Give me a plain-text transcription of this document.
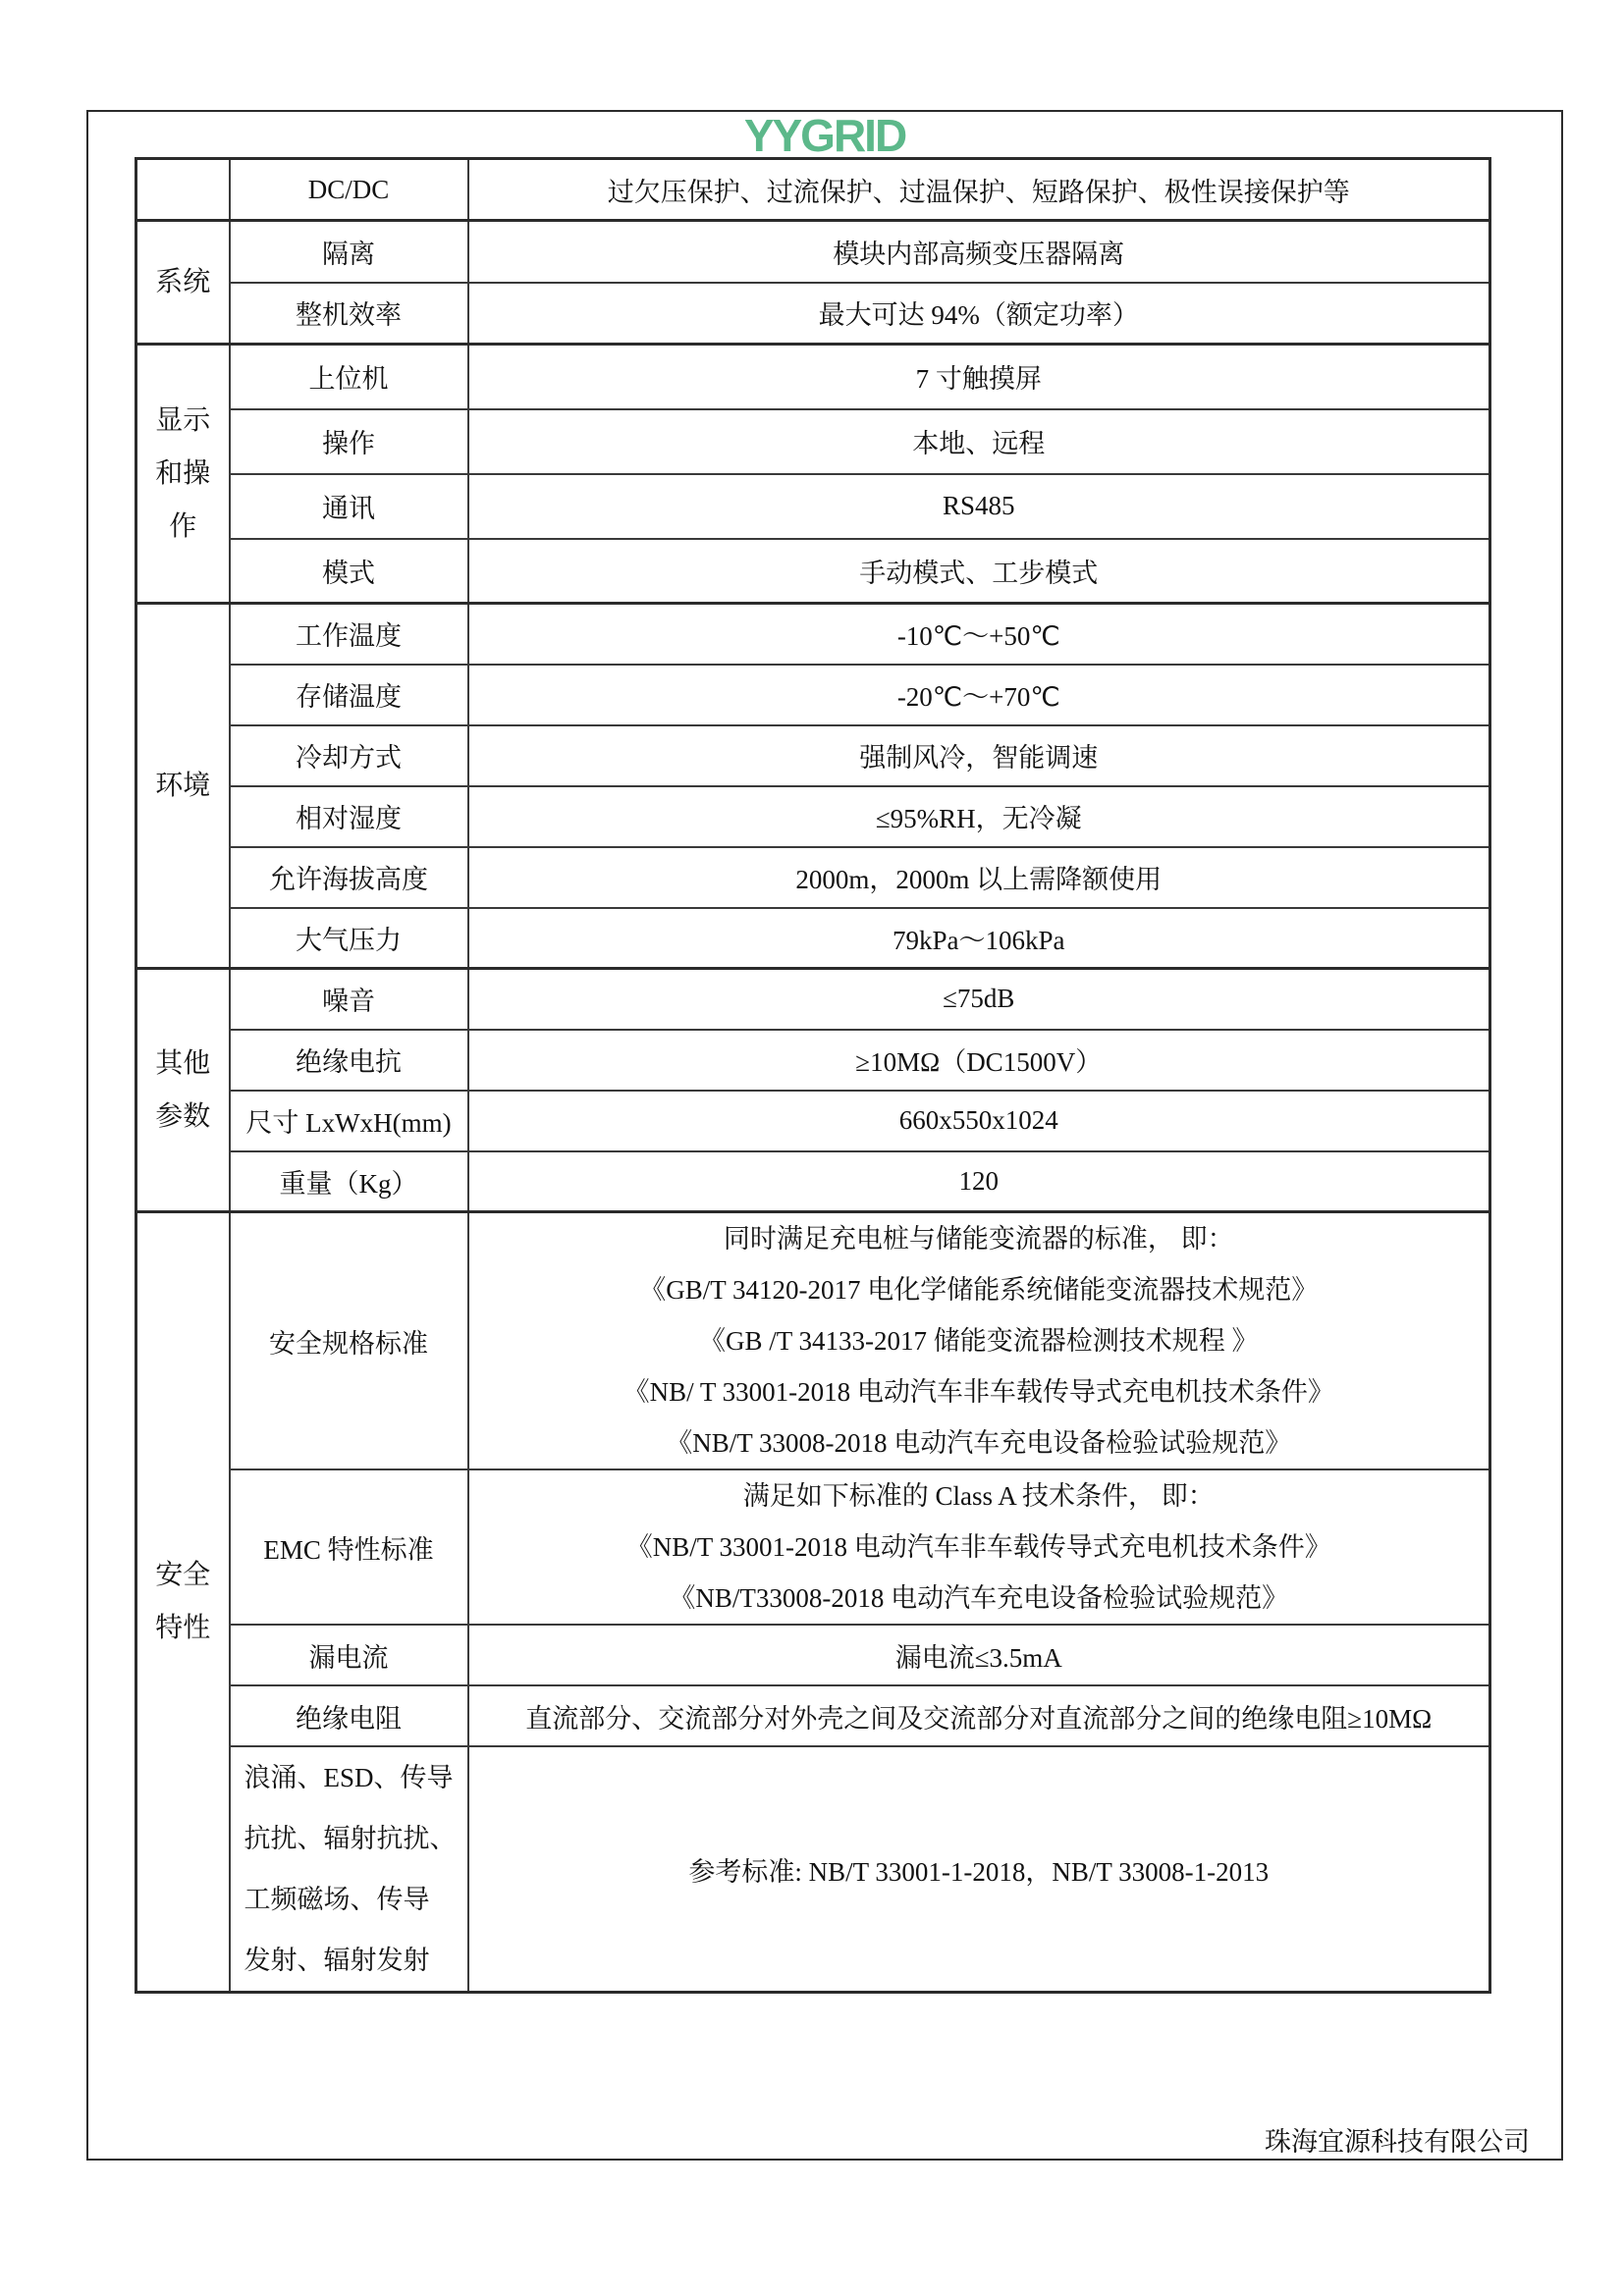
YYGRID
	DC/DC	过欠压保护、过流保护、过温保护、短路保护、极性误接保护等
系统	隔离	模块内部高频变压器隔离
	整机效率	最大可达 94%（额定功率）
显示和操作	上位机	7 寸触摸屏
	操作	本地、远程
	通讯	RS485
	模式	手动模式、工步模式
环境	工作温度	-10℃～+50℃
	存储温度	-20℃～+70℃
	冷却方式	强制风冷，智能调速
	相对湿度	≤95%RH，无冷凝
	允许海拔高度	2000m，2000m 以上需降额使用
	大气压力	79kPa～106kPa
其他参数	噪音	≤75dB
	绝缘电抗	≥10MΩ（DC1500V）
	尺寸 LxWxH(mm)	660x550x1024
	重量（Kg）	120
安全特性	安全规格标准	同时满足充电桩与储能变流器的标准， 即：
《GB/T 34120-2017 电化学储能系统储能变流器技术规范》
《GB /T 34133-2017 储能变流器检测技术规程 》
《NB/ T 33001-2018 电动汽车非车载传导式充电机技术条件》
《NB/T 33008-2018 电动汽车充电设备检验试验规范》

	EMC 特性标准	满足如下标准的 Class A 技术条件， 即：
《NB/T 33001-2018 电动汽车非车载传导式充电机技术条件》
《NB/T33008-2018 电动汽车充电设备检验试验规范》

	漏电流	漏电流≤3.5mA
	绝缘电阻	直流部分、交流部分对外壳之间及交流部分对直流部分之间的绝缘电阻≥10MΩ

	浪涌、ESD、传导
抗扰、辐射抗扰、
工频磁场、传导
发射、辐射发射	参考标准: NB/T 33001-1-2018，NB/T 33008-1-2013
珠海宜源科技有限公司
